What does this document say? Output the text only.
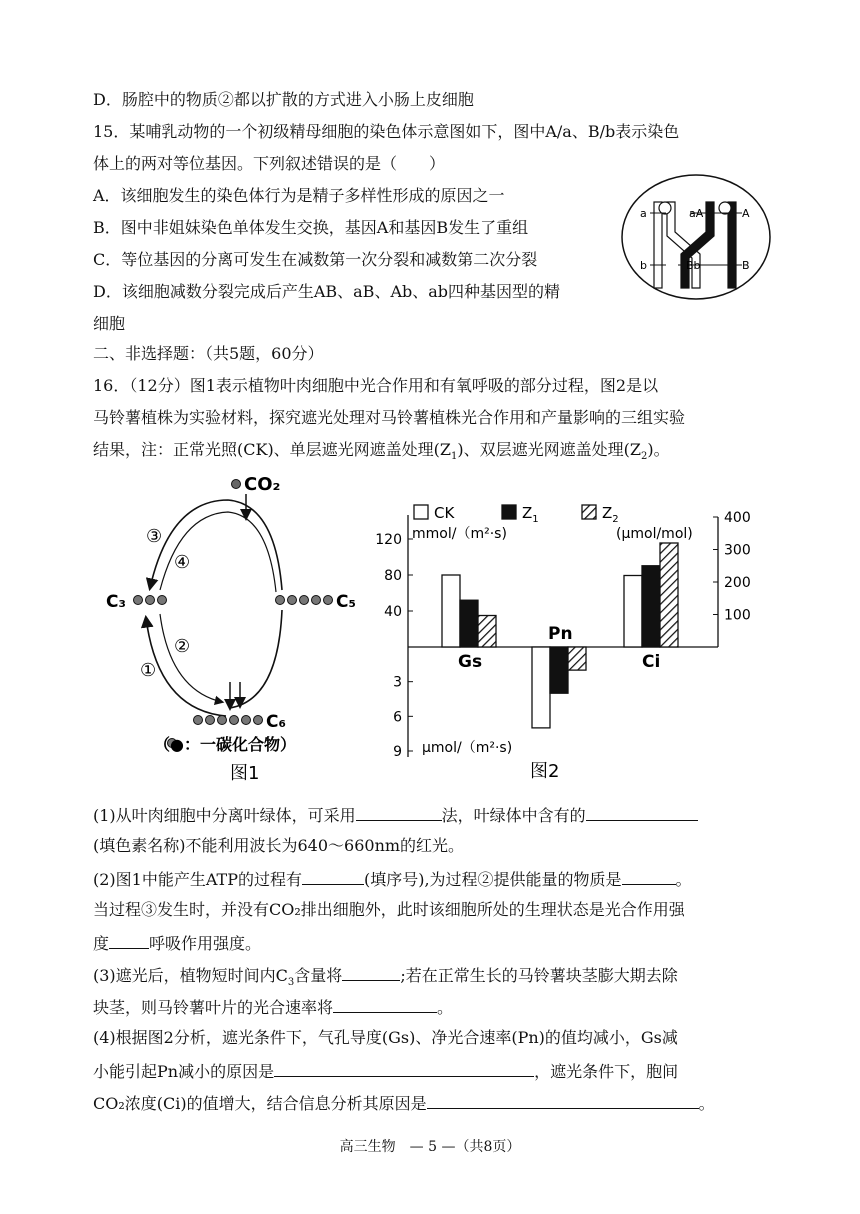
D．肠腔中的物质②都以扩散的方式进入小肠上皮细胞
15．某哺乳动物的一个初级精母细胞的染色体示意图如下，图中A/a、B/b表示染色
体上的两对等位基因。下列叙述错误的是（　　）
A．该细胞发生的染色体行为是精子多样性形成的原因之一
B．图中非姐妹染色单体发生交换，基因A和基因B发生了重组
C．等位基因的分离可发生在减数第一次分裂和减数第二次分裂
D．该细胞减数分裂完成后产生AB、aB、Ab、ab四种基因型的精
细胞
二、非选择题：（共5题，60分）
16．（12分）图1表示植物叶肉细胞中光合作用和有氧呼吸的部分过程，图2是以
马铃薯植株为实验材料，探究遮光处理对马铃薯植株光合作用和产量影响的三组实验
结果，注：正常光照(CK)、单层遮光网遮盖处理$(Z_1)$、双层遮光网遮盖处理$(Z_2)$。
a	aA	A
b	Bb	B
CO₂
C₃	C₅
C₆
③
④
②
①
（●：一碳化合物）
图1
CK	$Z_1$	$Z_2$
40
80
120
100
200
300
400
3
6
9
Gs
Pn
Ci
mmol/（m²·s)	(μmol/mol)
μmol/（m²·s)
图2
(1)从叶肉细胞中分离叶绿体，可采用	法，叶绿体中含有的
(填色素名称)不能利用波长为640～660nm的红光。
(2)图1中能产生ATP的过程有	(填序号),为过程②提供能量的物质是	。
当过程③发生时，并没有CO₂排出细胞外，此时该细胞所处的生理状态是光合作用强
度	呼吸作用强度。
(3)遮光后，植物短时间内$C_3$含量将	;若在正常生长的马铃薯块茎膨大期去除
块茎，则马铃薯叶片的光合速率将	。
(4)根据图2分析，遮光条件下，气孔导度(Gs)、净光合速率(Pn)的值均减小，Gs减
小能引起Pn减小的原因是	，遮光条件下，胞间
CO₂浓度(Ci)的值增大，结合信息分析其原因是	。
高三生物　— 5 —（共8页）
